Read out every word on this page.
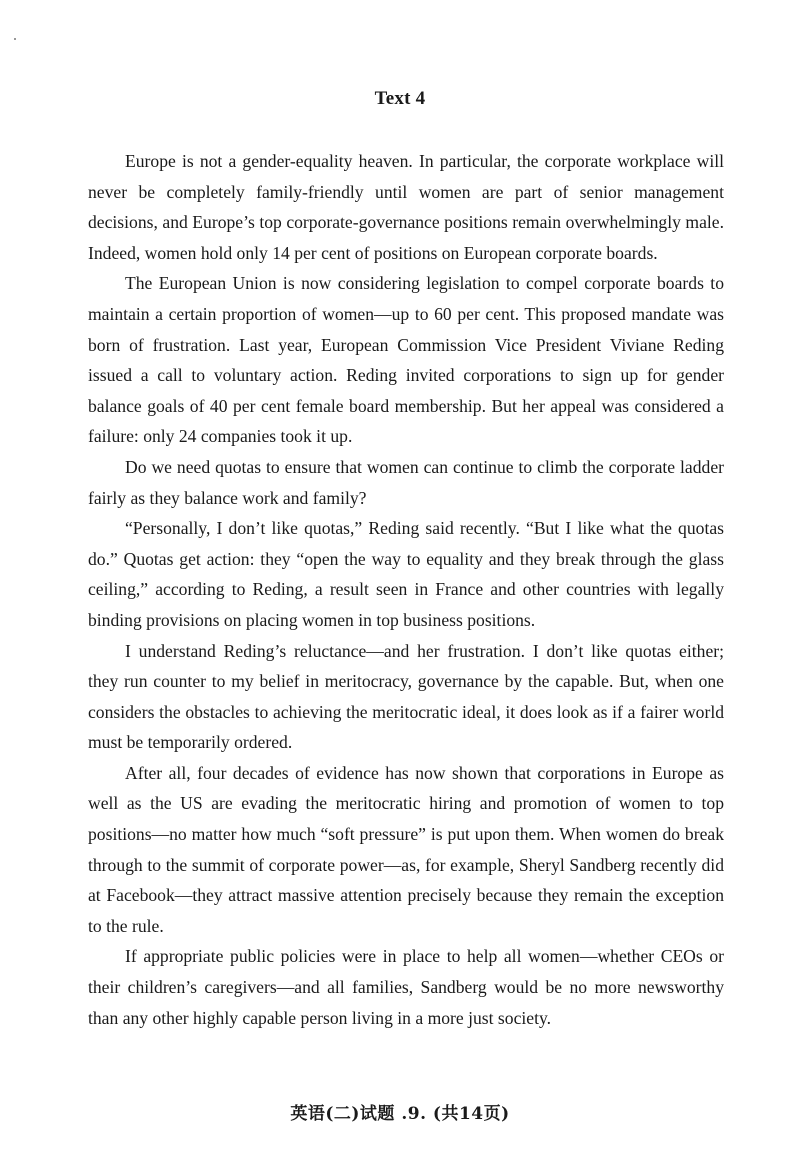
Text 4

Europe is not a gender-equality heaven. In particular, the corporate workplace will never be completely family-friendly until women are part of senior management decisions, and Europe’s top corporate-governance positions remain overwhelmingly male. Indeed, women hold only 14 per cent of positions on European corporate boards.

The European Union is now considering legislation to compel corporate boards to maintain a certain proportion of women—up to 60 per cent. This proposed mandate was born of frustration. Last year, European Commission Vice President Viviane Reding issued a call to voluntary action. Reding invited corporations to sign up for gender balance goals of 40 per cent female board membership. But her appeal was considered a failure: only 24 companies took it up.

Do we need quotas to ensure that women can continue to climb the corporate ladder fairly as they balance work and family?

“Personally, I don’t like quotas,” Reding said recently. “But I like what the quotas do.” Quotas get action: they “open the way to equality and they break through the glass ceiling,” according to Reding, a result seen in France and other countries with legally binding provisions on placing women in top business positions.

I understand Reding’s reluctance—and her frustration. I don’t like quotas either; they run counter to my belief in meritocracy, governance by the capable. But, when one considers the obstacles to achieving the meritocratic ideal, it does look as if a fairer world must be temporarily ordered.

After all, four decades of evidence has now shown that corporations in Europe as well as the US are evading the meritocratic hiring and promotion of women to top positions—no matter how much “soft pressure” is put upon them. When women do break through to the summit of corporate power—as, for example, Sheryl Sandberg recently did at Facebook—they attract massive attention precisely because they remain the exception to the rule.

If appropriate public policies were in place to help all women—whether CEOs or their children’s caregivers—and all families, Sandberg would be no more newsworthy than any other highly capable person living in a more just society.

英语(二)试题 .9. (共14页)
